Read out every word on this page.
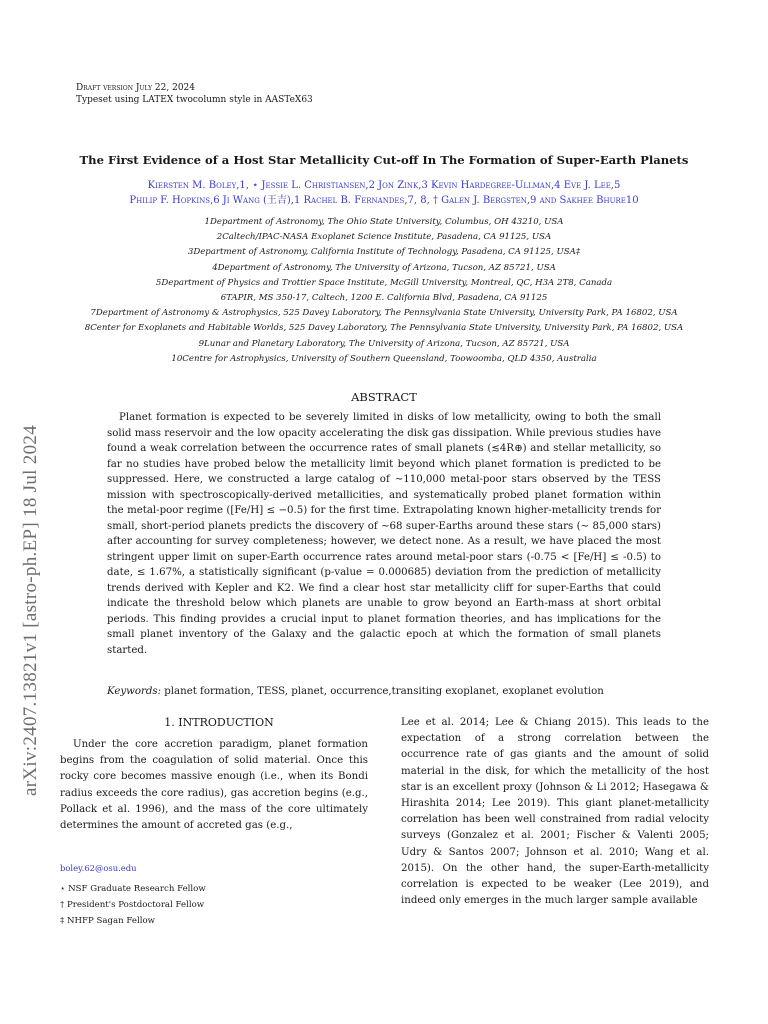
arXiv:2407.13821v1 [astro-ph.EP] 18 Jul 2024
Draft version July 22, 2024
Typeset using LATEX twocolumn style in AASTeX63
The First Evidence of a Host Star Metallicity Cut-off In The Formation of Super-Earth Planets
Kiersten M. Boley,1, ⋆ Jessie L. Christiansen,2 Jon Zink,3 Kevin Hardegree-Ullman,4 Eve J. Lee,5
Philip F. Hopkins,6 Ji Wang (王吉),1 Rachel B. Fernandes,7, 8, † Galen J. Bergsten,9 and Sakhee Bhure10
1Department of Astronomy, The Ohio State University, Columbus, OH 43210, USA
2Caltech/IPAC-NASA Exoplanet Science Institute, Pasadena, CA 91125, USA
3Department of Astronomy, California Institute of Technology, Pasadena, CA 91125, USA‡
4Department of Astronomy, The University of Arizona, Tucson, AZ 85721, USA
5Department of Physics and Trottier Space Institute, McGill University, Montreal, QC, H3A 2T8, Canada
6TAPIR, MS 350-17, Caltech, 1200 E. California Blvd, Pasadena, CA 91125
7Department of Astronomy & Astrophysics, 525 Davey Laboratory, The Pennsylvania State University, University Park, PA 16802, USA
8Center for Exoplanets and Habitable Worlds, 525 Davey Laboratory, The Pennsylvania State University, University Park, PA 16802, USA
9Lunar and Planetary Laboratory, The University of Arizona, Tucson, AZ 85721, USA
10Centre for Astrophysics, University of Southern Queensland, Toowoomba, QLD 4350, Australia
ABSTRACT
Planet formation is expected to be severely limited in disks of low metallicity, owing to both the small solid mass reservoir and the low opacity accelerating the disk gas dissipation. While previous studies have found a weak correlation between the occurrence rates of small planets (≲4R⊕) and stellar metallicity, so far no studies have probed below the metallicity limit beyond which planet formation is predicted to be suppressed. Here, we constructed a large catalog of ∼110,000 metal-poor stars observed by the TESS mission with spectroscopically-derived metallicities, and systematically probed planet formation within the metal-poor regime ([Fe/H] ≤ −0.5) for the first time. Extrapolating known higher-metallicity trends for small, short-period planets predicts the discovery of ∼68 super-Earths around these stars (∼ 85,000 stars) after accounting for survey completeness; however, we detect none. As a result, we have placed the most stringent upper limit on super-Earth occurrence rates around metal-poor stars (-0.75 < [Fe/H] ≤ -0.5) to date, ≤ 1.67%, a statistically significant (p-value = 0.000685) deviation from the prediction of metallicity trends derived with Kepler and K2. We find a clear host star metallicity cliff for super-Earths that could indicate the threshold below which planets are unable to grow beyond an Earth-mass at short orbital periods. This finding provides a crucial input to planet formation theories, and has implications for the small planet inventory of the Galaxy and the galactic epoch at which the formation of small planets started.
Keywords: planet formation, TESS, planet, occurrence,transiting exoplanet, exoplanet evolution
1. INTRODUCTION
Under the core accretion paradigm, planet formation begins from the coagulation of solid material. Once this rocky core becomes massive enough (i.e., when its Bondi radius exceeds the core radius), gas accretion begins (e.g., Pollack et al. 1996), and the mass of the core ultimately determines the amount of accreted gas (e.g.,
Lee et al. 2014; Lee & Chiang 2015). This leads to the expectation of a strong correlation between the occurrence rate of gas giants and the amount of solid material in the disk, for which the metallicity of the host star is an excellent proxy (Johnson & Li 2012; Hasegawa & Hirashita 2014; Lee 2019). This giant planet-metallicity correlation has been well constrained from radial velocity surveys (Gonzalez et al. 2001; Fischer & Valenti 2005; Udry & Santos 2007; Johnson et al. 2010; Wang et al. 2015). On the other hand, the super-Earth-metallicity correlation is expected to be weaker (Lee 2019), and indeed only emerges in the much larger sample available
boley.62@osu.edu
⋆ NSF Graduate Research Fellow
† President's Postdoctoral Fellow
‡ NHFP Sagan Fellow
